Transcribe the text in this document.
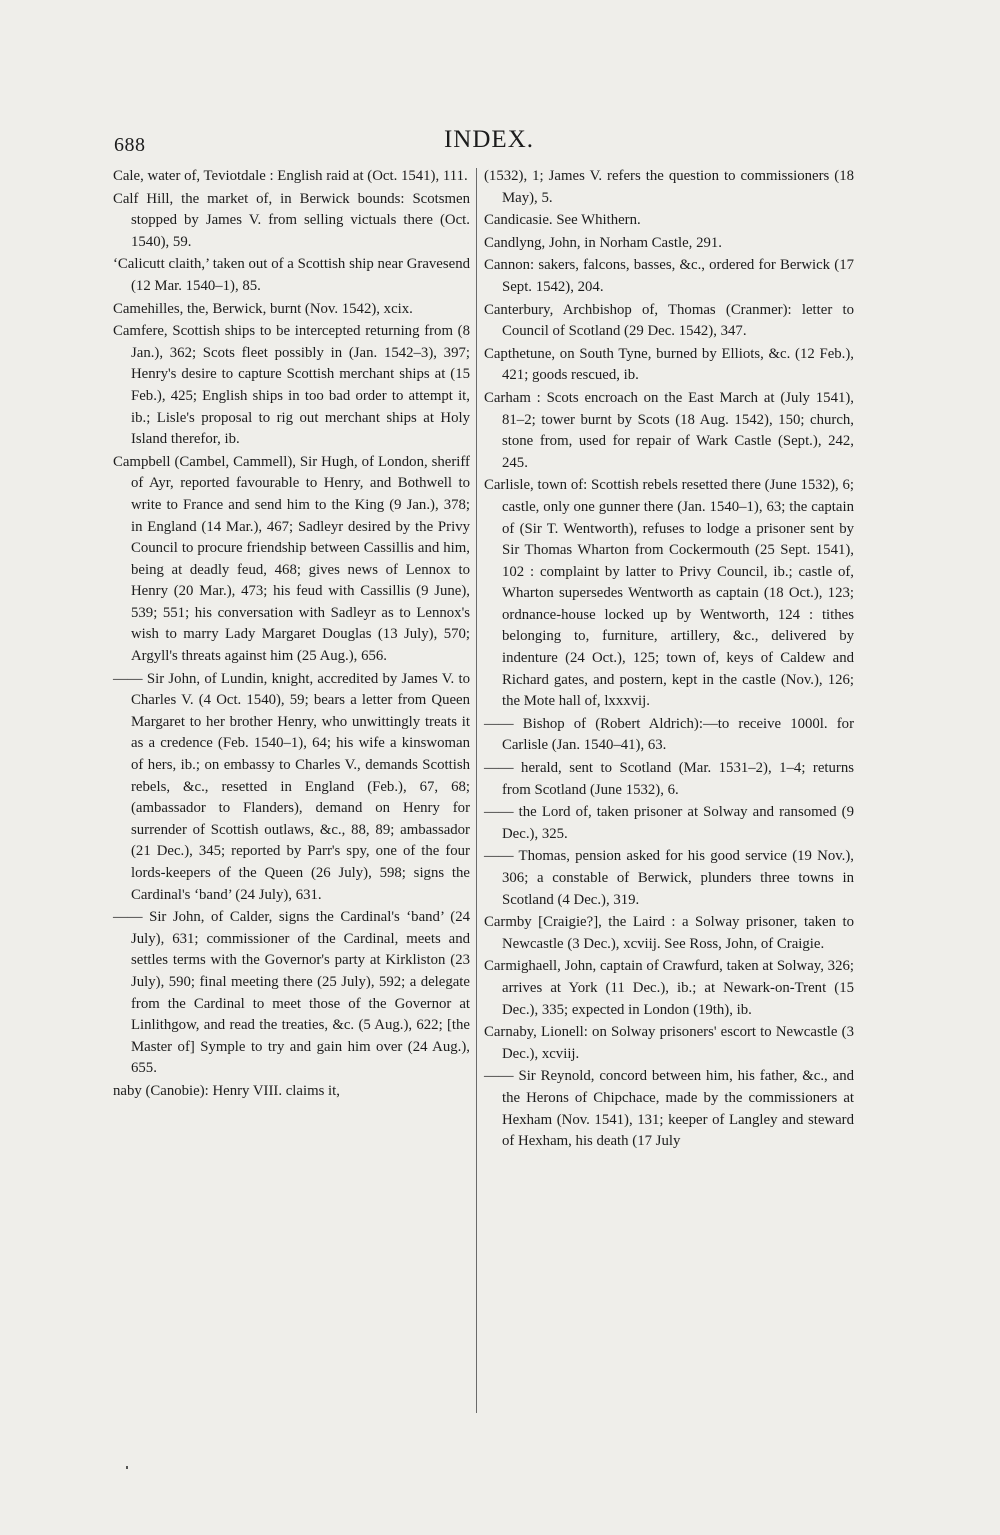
688	INDEX.

Cale, water of, Teviotdale : English raid at (Oct. 1541), 111.

Calf Hill, the market of, in Berwick bounds: Scotsmen stopped by James V. from selling victuals there (Oct. 1540), 59.

‘Calicutt claith,’ taken out of a Scottish ship near Gravesend (12 Mar. 1540–1), 85.

Camehilles, the, Berwick, burnt (Nov. 1542), xcix.

Camfere, Scottish ships to be intercepted returning from (8 Jan.), 362; Scots fleet possibly in (Jan. 1542–3), 397; Henry's desire to capture Scottish merchant ships at (15 Feb.), 425; English ships in too bad order to attempt it, ib.; Lisle's proposal to rig out merchant ships at Holy Island therefor, ib.

Campbell (Cambel, Cammell), Sir Hugh, of London, sheriff of Ayr, reported favourable to Henry, and Bothwell to write to France and send him to the King (9 Jan.), 378; in England (14 Mar.), 467; Sadleyr desired by the Privy Council to procure friendship between Cassillis and him, being at deadly feud, 468; gives news of Lennox to Henry (20 Mar.), 473; his feud with Cassillis (9 June), 539; 551; his conversation with Sadleyr as to Lennox's wish to marry Lady Margaret Douglas (13 July), 570; Argyll's threats against him (25 Aug.), 656.

—— Sir John, of Lundin, knight, accredited by James V. to Charles V. (4 Oct. 1540), 59; bears a letter from Queen Margaret to her brother Henry, who unwittingly treats it as a credence (Feb. 1540–1), 64; his wife a kinswoman of hers, ib.; on embassy to Charles V., demands Scottish rebels, &c., resetted in England (Feb.), 67, 68; (ambassador to Flanders), demand on Henry for surrender of Scottish outlaws, &c., 88, 89; ambassador (21 Dec.), 345; reported by Parr's spy, one of the four lords-keepers of the Queen (26 July), 598; signs the Cardinal's ‘band’ (24 July), 631.

—— Sir John, of Calder, signs the Cardinal's ‘band’ (24 July), 631; commissioner of the Cardinal, meets and settles terms with the Governor's party at Kirkliston (23 July), 590; final meeting there (25 July), 592; a delegate from the Cardinal to meet those of the Governor at Linlithgow, and read the treaties, &c. (5 Aug.), 622; [the Master of] Symple to try and gain him over (24 Aug.), 655.

naby (Canobie): Henry VIII. claims it,

(1532), 1; James V. refers the question to commissioners (18 May), 5.

Candicasie. See Whithern.

Candlyng, John, in Norham Castle, 291.

Cannon: sakers, falcons, basses, &c., ordered for Berwick (17 Sept. 1542), 204.

Canterbury, Archbishop of, Thomas (Cranmer): letter to Council of Scotland (29 Dec. 1542), 347.

Capthetune, on South Tyne, burned by Elliots, &c. (12 Feb.), 421; goods rescued, ib.

Carham : Scots encroach on the East March at (July 1541), 81–2; tower burnt by Scots (18 Aug. 1542), 150; church, stone from, used for repair of Wark Castle (Sept.), 242, 245.

Carlisle, town of: Scottish rebels resetted there (June 1532), 6; castle, only one gunner there (Jan. 1540–1), 63; the captain of (Sir T. Wentworth), refuses to lodge a prisoner sent by Sir Thomas Wharton from Cockermouth (25 Sept. 1541), 102 : complaint by latter to Privy Council, ib.; castle of, Wharton supersedes Wentworth as captain (18 Oct.), 123; ordnance-house locked up by Wentworth, 124 : tithes belonging to, furniture, artillery, &c., delivered by indenture (24 Oct.), 125; town of, keys of Caldew and Richard gates, and postern, kept in the castle (Nov.), 126; the Mote hall of, lxxxvij.

—— Bishop of (Robert Aldrich):—to receive 1000l. for Carlisle (Jan. 1540–41), 63.

—— herald, sent to Scotland (Mar. 1531–2), 1–4; returns from Scotland (June 1532), 6.

—— the Lord of, taken prisoner at Solway and ransomed (9 Dec.), 325.

—— Thomas, pension asked for his good service (19 Nov.), 306; a constable of Berwick, plunders three towns in Scotland (4 Dec.), 319.

Carmby [Craigie?], the Laird : a Solway prisoner, taken to Newcastle (3 Dec.), xcviij. See Ross, John, of Craigie.

Carmighaell, John, captain of Crawfurd, taken at Solway, 326; arrives at York (11 Dec.), ib.; at Newark-on-Trent (15 Dec.), 335; expected in London (19th), ib.

Carnaby, Lionell: on Solway prisoners' escort to Newcastle (3 Dec.), xcviij.

—— Sir Reynold, concord between him, his father, &c., and the Herons of Chipchace, made by the commissioners at Hexham (Nov. 1541), 131; keeper of Langley and steward of Hexham, his death (17 July
